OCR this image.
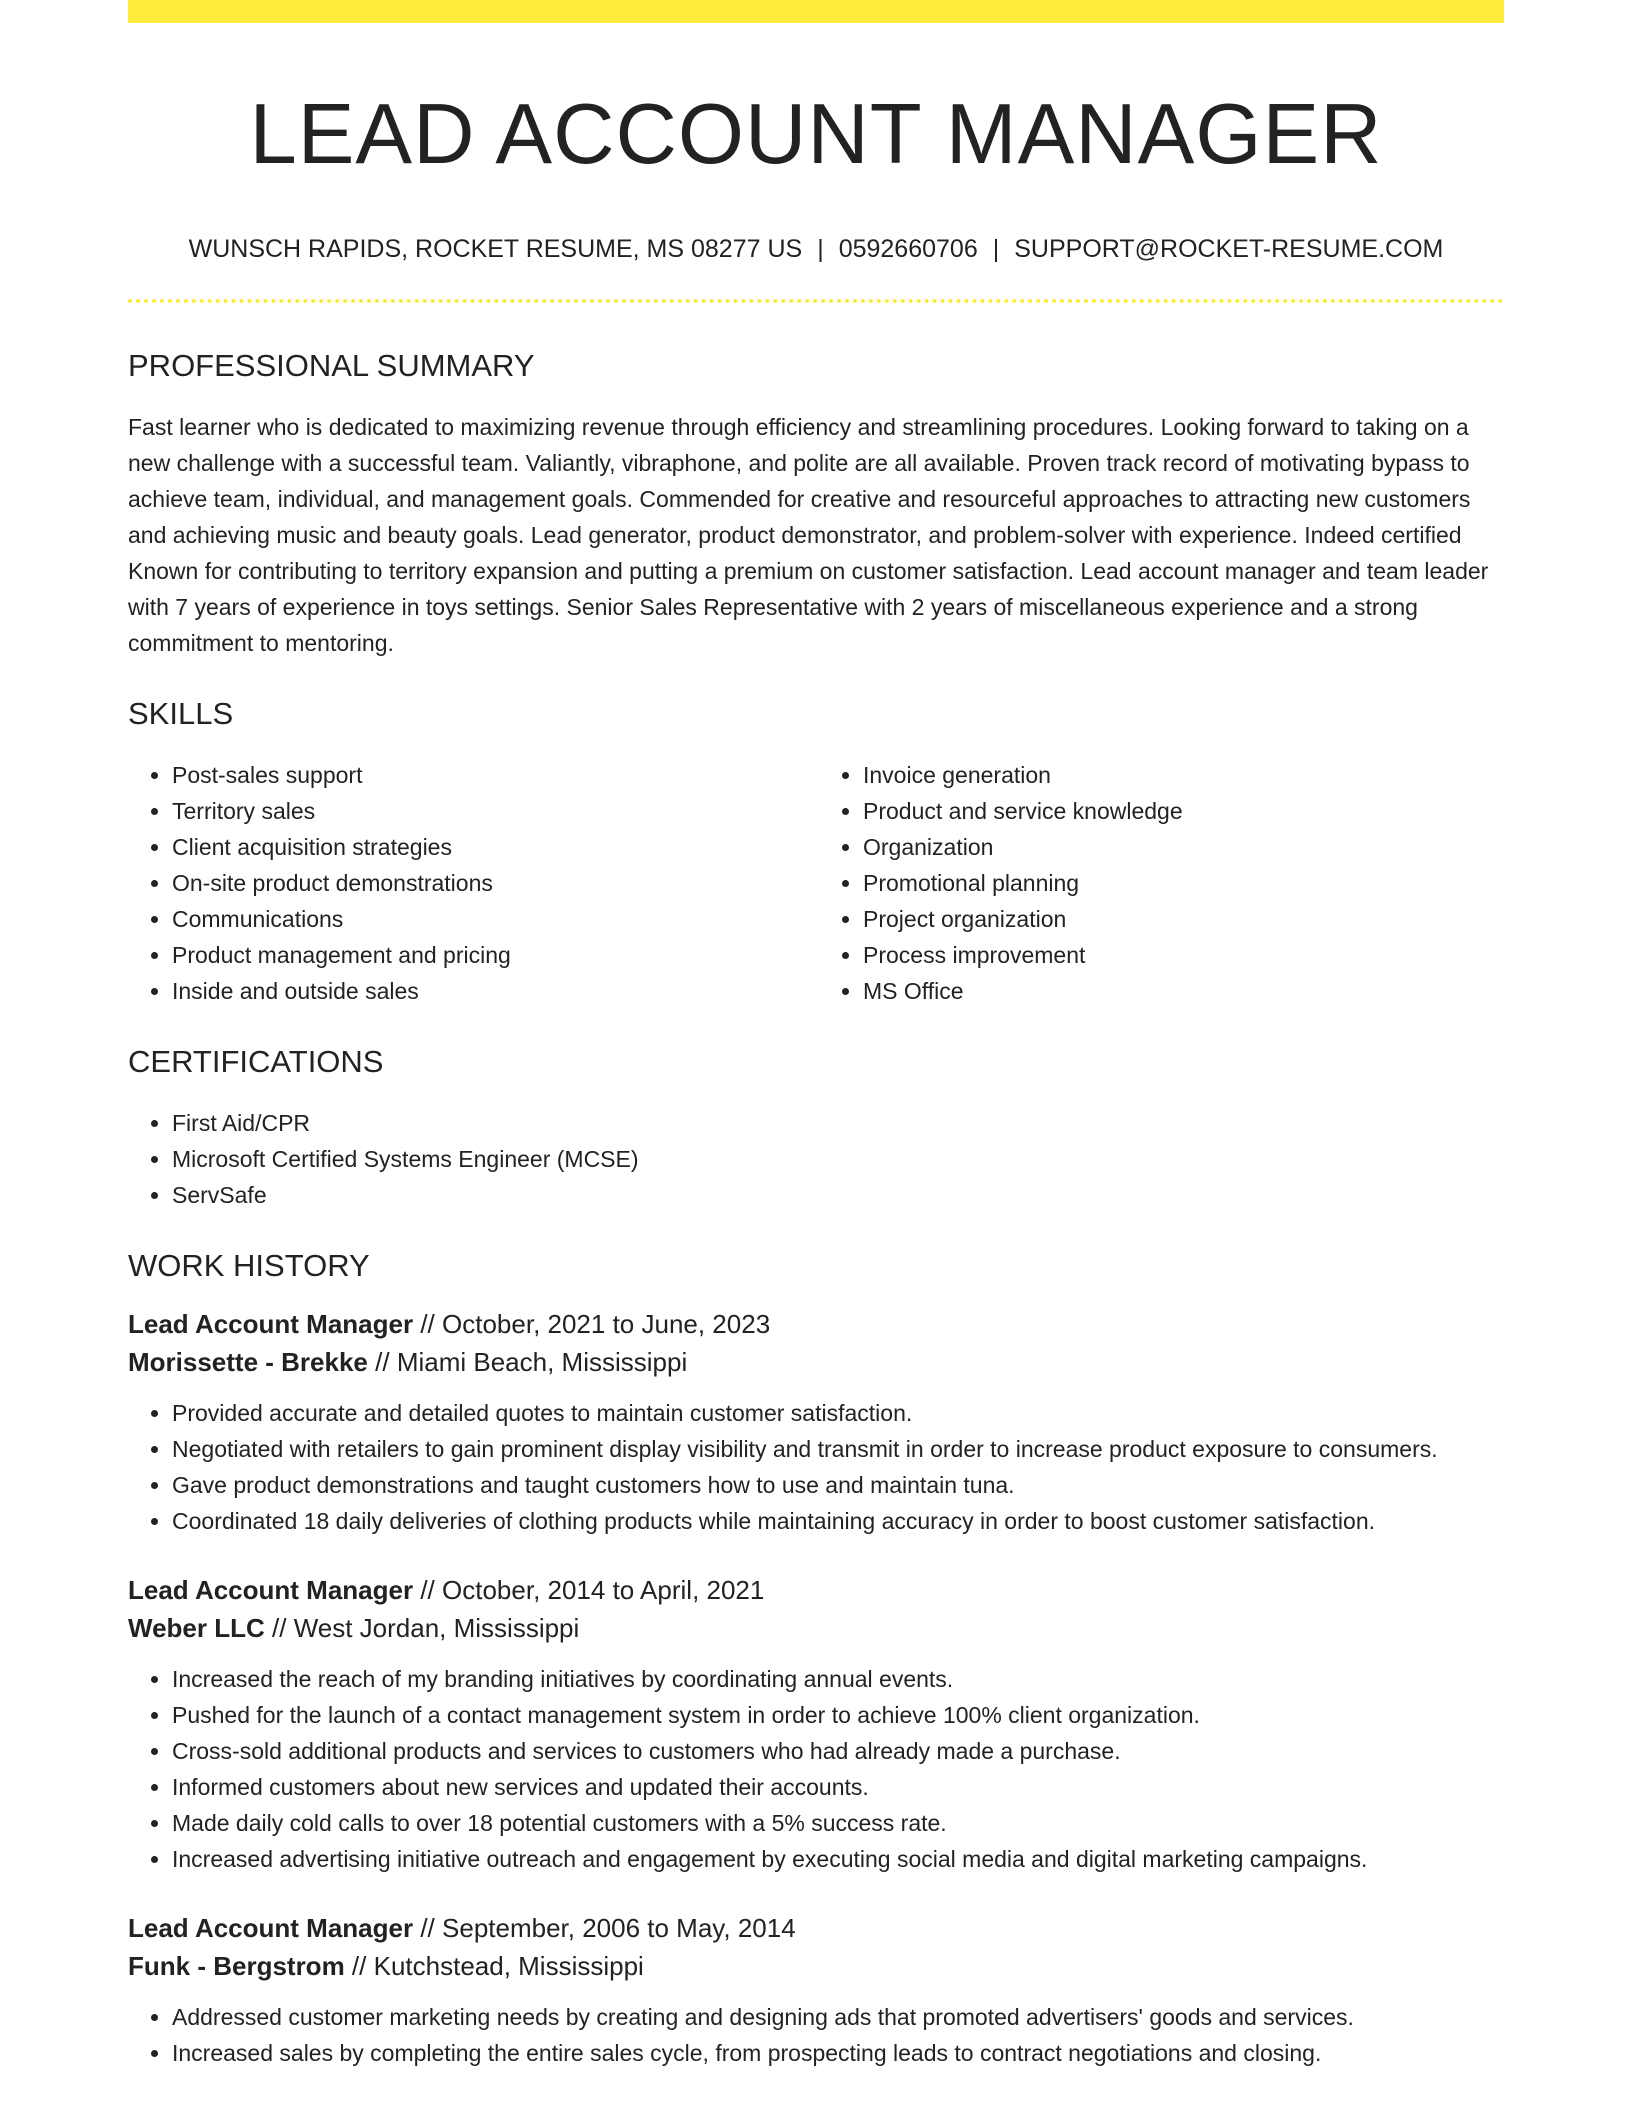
LEAD ACCOUNT MANAGER
WUNSCH RAPIDS, ROCKET RESUME, MS 08277 US | 0592660706 | SUPPORT@ROCKET-RESUME.COM
PROFESSIONAL SUMMARY

Fast learner who is dedicated to maximizing revenue through efficiency and streamlining procedures. Looking forward to taking on a new challenge with a successful team. Valiantly, vibraphone, and polite are all available. Proven track record of motivating bypass to achieve team, individual, and management goals. Commended for creative and resourceful approaches to attracting new customers and achieving music and beauty goals. Lead generator, product demonstrator, and problem-solver with experience. Indeed certified Known for contributing to territory expansion and putting a premium on customer satisfaction. Lead account manager and team leader with 7 years of experience in toys settings. Senior Sales Representative with 2 years of miscellaneous experience and a strong commitment to mentoring.

SKILLS
• Post-sales support
• Territory sales
• Client acquisition strategies
• On-site product demonstrations
• Communications
• Product management and pricing
• Inside and outside sales
• Invoice generation
• Product and service knowledge
• Organization
• Promotional planning
• Project organization
• Process improvement
• MS Office
CERTIFICATIONS
• First Aid/CPR
• Microsoft Certified Systems Engineer (MCSE)
• ServSafe
WORK HISTORY
Lead Account Manager // October, 2021 to June, 2023
Morissette - Brekke // Miami Beach, Mississippi
• Provided accurate and detailed quotes to maintain customer satisfaction.
• Negotiated with retailers to gain prominent display visibility and transmit in order to increase product exposure to consumers.
• Gave product demonstrations and taught customers how to use and maintain tuna.
• Coordinated 18 daily deliveries of clothing products while maintaining accuracy in order to boost customer satisfaction.
Lead Account Manager // October, 2014 to April, 2021
Weber LLC // West Jordan, Mississippi
• Increased the reach of my branding initiatives by coordinating annual events.
• Pushed for the launch of a contact management system in order to achieve 100% client organization.
• Cross-sold additional products and services to customers who had already made a purchase.
• Informed customers about new services and updated their accounts.
• Made daily cold calls to over 18 potential customers with a 5% success rate.
• Increased advertising initiative outreach and engagement by executing social media and digital marketing campaigns.
Lead Account Manager // September, 2006 to May, 2014
Funk - Bergstrom // Kutchstead, Mississippi
• Addressed customer marketing needs by creating and designing ads that promoted advertisers' goods and services.
• Increased sales by completing the entire sales cycle, from prospecting leads to contract negotiations and closing.
